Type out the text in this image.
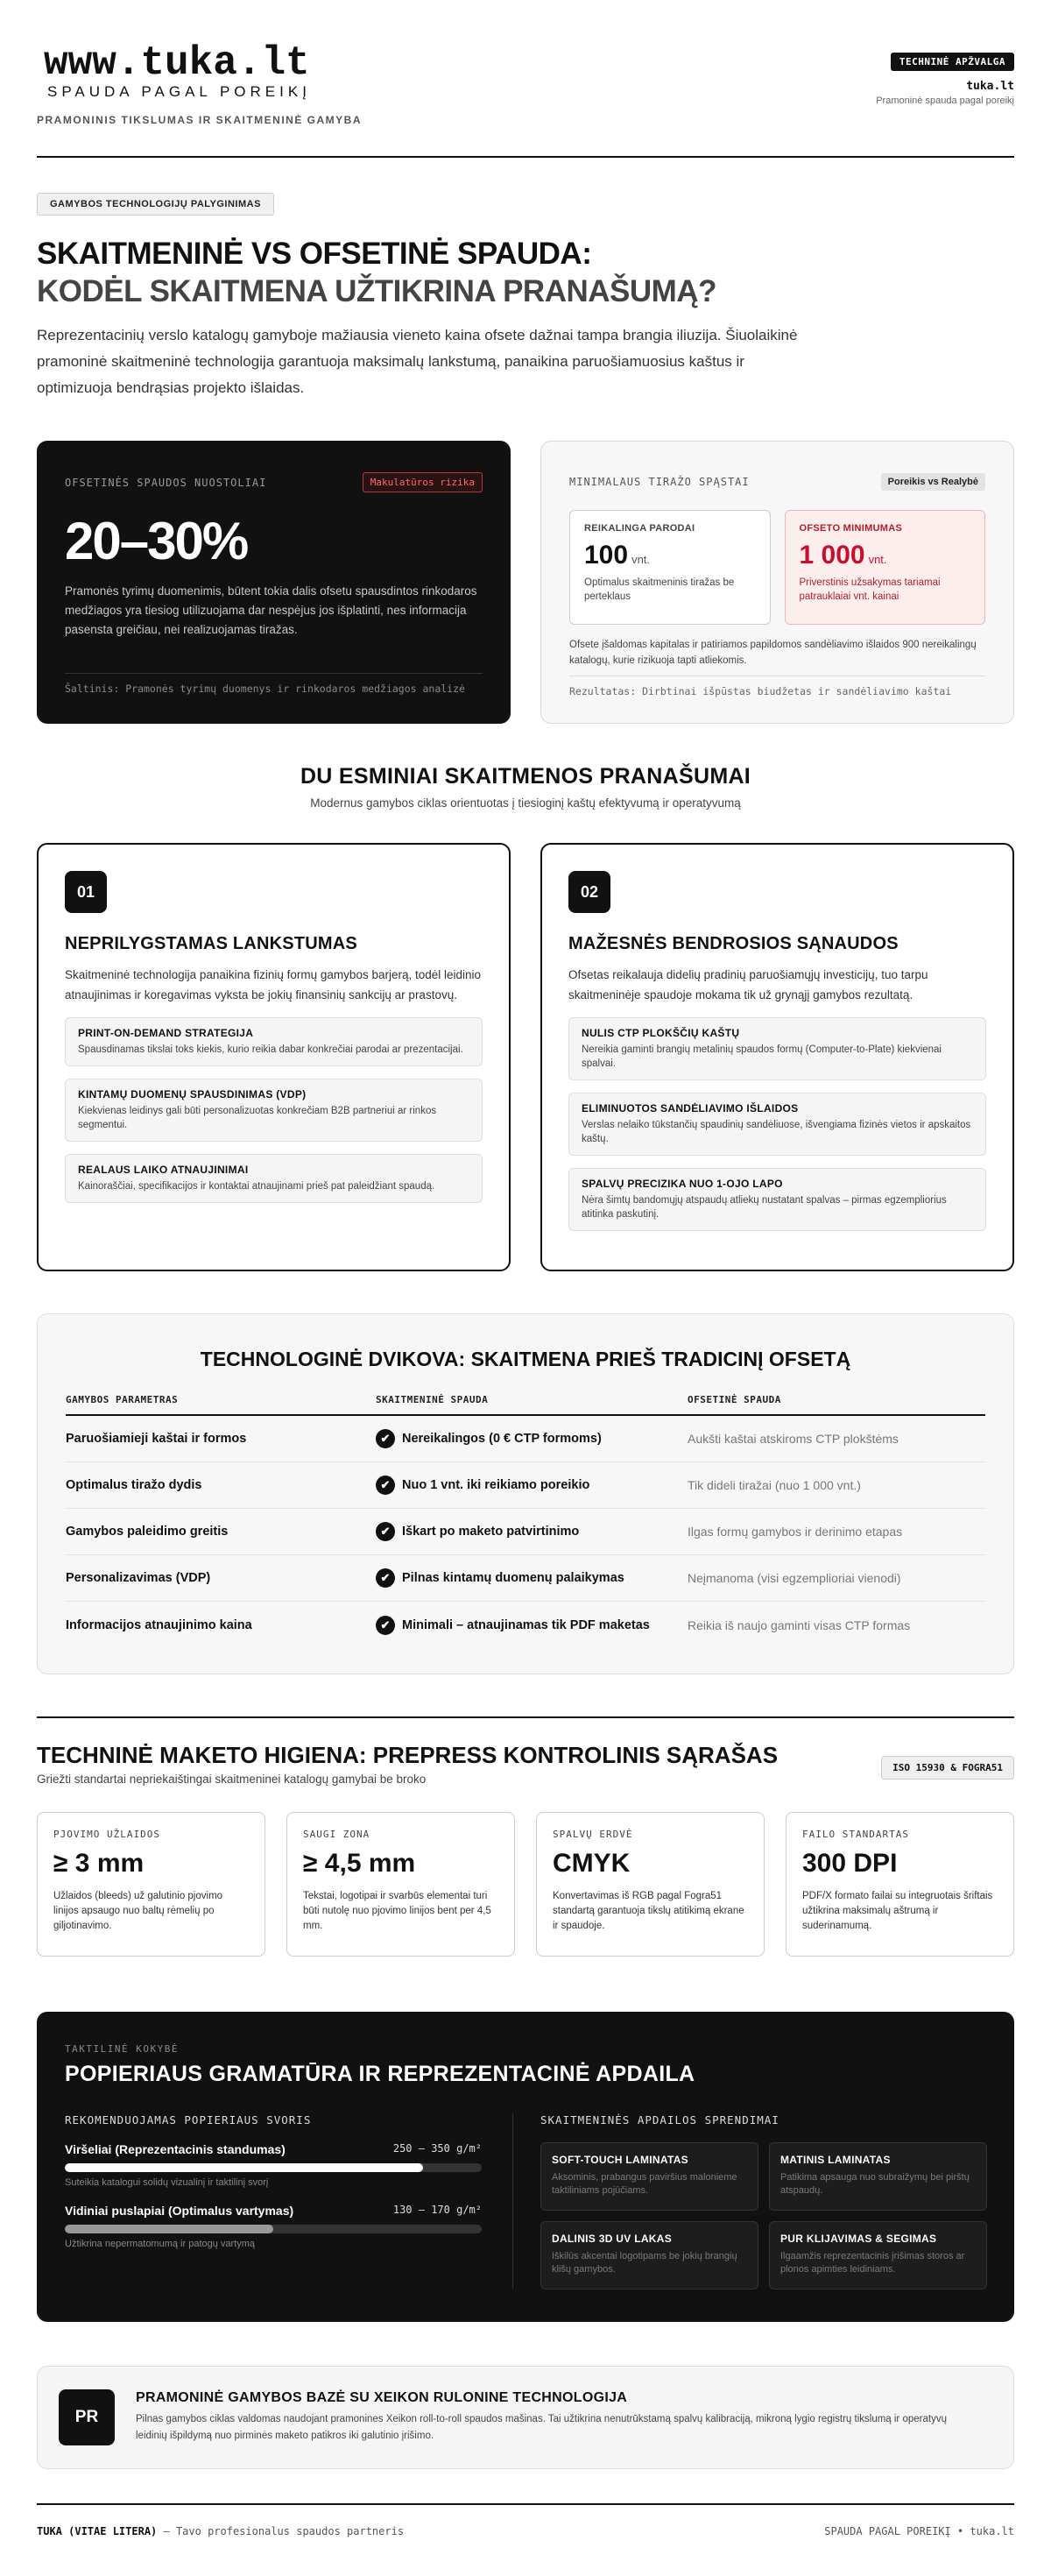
www.tuka.lt
SPAUDA PAGAL POREIKĮ
PRAMONINIS TIKSLUMAS IR SKAITMENINĖ GAMYBA
TECHNINĖ APŽVALGA
tuka.lt
Pramoninė spauda pagal poreikį
GAMYBOS TECHNOLOGIJŲ PALYGINIMAS
SKAITMENINĖ VS OFSETINĖ SPAUDA:
KODĖL SKAITMENA UŽTIKRINA PRANAŠUMĄ?

Reprezentacinių verslo katalogų gamyboje mažiausia vieneto kaina ofsete dažnai tampa brangia iliuzija. Šiuolaikinė pramoninė skaitmeninė technologija garantuoja maksimalų lankstumą, panaikina paruošiamuosius kaštus ir optimizuoja bendrąsias projekto išlaidas.

OFSETINĖS SPAUDOS NUOSTOLIAI	Makulatūros rizika
20–30%

Pramonės tyrimų duomenimis, būtent tokia dalis ofsetu spausdintos rinkodaros medžiagos yra tiesiog utilizuojama dar nespėjus jos išplatinti, nes informacija pasensta greičiau, nei realizuojamas tiražas.

Šaltinis: Pramonės tyrimų duomenys ir rinkodaros medžiagos analizė
MINIMALAUS TIRAŽO SPĄSTAI	Poreikis vs Realybė
REIKALINGA PARODAI
100 vnt.
Optimalus skaitmeninis tiražas be perteklaus
OFSETO MINIMUMAS
1 000 vnt.
Priverstinis užsakymas tariamai patrauklaiai vnt. kainai
Ofsete įšaldomas kapitalas ir patiriamos papildomos sandėliavimo išlaidos 900 nereikalingų katalogų, kurie rizikuoja tapti atliekomis.
Rezultatas: Dirbtinai išpūstas biudžetas ir sandėliavimo kaštai
DU ESMINIAI SKAITMENOS PRANAŠUMAI

Modernus gamybos ciklas orientuotas į tiesioginį kaštų efektyvumą ir operatyvumą

01
NEPRILYGSTAMAS LANKSTUMAS

Skaitmeninė technologija panaikina fizinių formų gamybos barjerą, todėl leidinio atnaujinimas ir koregavimas vyksta be jokių finansinių sankcijų ar prastovų.

PRINT-ON-DEMAND STRATEGIJA
Spausdinamas tikslai toks kiekis, kurio reikia dabar konkrečiai parodai ar prezentacijai.
KINTAMŲ DUOMENŲ SPAUSDINIMAS (VDP)
Kiekvienas leidinys gali būti personalizuotas konkrečiam B2B partneriui ar rinkos segmentui.
REALAUS LAIKO ATNAUJINIMAI
Kainoraščiai, specifikacijos ir kontaktai atnaujinami prieš pat paleidžiant spaudą.
02
MAŽESNĖS BENDROSIOS SĄNAUDOS

Ofsetas reikalauja didelių pradinių paruošiamųjų investicijų, tuo tarpu skaitmeninėje spaudoje mokama tik už grynąjį gamybos rezultatą.

NULIS CTP PLOKŠČIŲ KAŠTŲ
Nereikia gaminti brangių metalinių spaudos formų (Computer-to-Plate) kiekvienai spalvai.
ELIMINUOTOS SANDĖLIAVIMO IŠLAIDOS
Verslas nelaiko tūkstančių spaudinių sandėliuose, išvengiama fizinės vietos ir apskaitos kaštų.
SPALVŲ PRECIZIKA NUO 1-OJO LAPO
Nėra šimtų bandomųjų atspaudų atliekų nustatant spalvas – pirmas egzempliorius atitinka paskutinį.
TECHNOLOGINĖ DVIKOVA: SKAITMENA PRIEŠ TRADICINĮ OFSETĄ
GAMYBOS PARAMETRAS	SKAITMENINĖ SPAUDA	OFSETINĖ SPAUDA
Paruošiamieji kaštai ir formos	✔ Nereikalingos (0 € CTP formoms)	Aukšti kaštai atskiroms CTP plokštėms
Optimalus tiražo dydis	✔ Nuo 1 vnt. iki reikiamo poreikio	Tik dideli tiražai (nuo 1 000 vnt.)
Gamybos paleidimo greitis	✔ Iškart po maketo patvirtinimo	Ilgas formų gamybos ir derinimo etapas
Personalizavimas (VDP)	✔ Pilnas kintamų duomenų palaikymas	Neįmanoma (visi egzemplioriai vienodi)
Informacijos atnaujinimo kaina	✔ Minimali – atnaujinamas tik PDF maketas	Reikia iš naujo gaminti visas CTP formas
TECHNINĖ MAKETO HIGIENA: PREPRESS KONTROLINIS SĄRAŠAS

Griežti standartai nepriekaištingai skaitmeninei katalogų gamybai be broko

ISO 15930 & FOGRA51
PJOVIMO UŽLAIDOS
≥ 3 mm
Užlaidos (bleeds) už galutinio pjovimo linijos apsaugo nuo baltų rėmelių po giljotinavimo.
SAUGI ZONA
≥ 4,5 mm
Tekstai, logotipai ir svarbūs elementai turi būti nutolę nuo pjovimo linijos bent per 4,5 mm.
SPALVŲ ERDVĖ
CMYK
Konvertavimas iš RGB pagal Fogra51 standartą garantuoja tikslų atitikimą ekrane ir spaudoje.
FAILO STANDARTAS
300 DPI
PDF/X formato failai su integruotais šriftais užtikrina maksimalų aštrumą ir suderinamumą.
TAKTILINĖ KOKYBĖ
POPIERIAUS GRAMATŪRA IR REPREZENTACINĖ APDAILA
REKOMENDUOJAMAS POPIERIAUS SVORIS
Viršeliai (Reprezentacinis standumas)	250 – 350 g/m²
Suteikia katalogui solidų vizualinį ir taktilinį svorį
Vidiniai puslapiai (Optimalus vartymas)	130 – 170 g/m²
Užtikrina nepermatomumą ir patogų vartymą
SKAITMENINĖS APDAILOS SPRENDIMAI
SOFT-TOUCH LAMINATAS
Aksominis, prabangus paviršius malonieme taktiliniams pojūčiams.
MATINIS LAMINATAS
Patikima apsauga nuo subraižymų bei pirštų atspaudų.
DALINIS 3D UV LAKAS
Iškilūs akcentai logotipams be jokių brangių klišų gamybos.
PUR KLIJAVIMAS & SEGIMAS
Ilgaamžis reprezentacinis įrišimas storos ar plonos apimties leidiniams.
PR
PRAMONINĖ GAMYBOS BAZĖ SU XEIKON RULONINE TECHNOLOGIJA

Pilnas gamybos ciklas valdomas naudojant pramonines Xeikon roll-to-roll spaudos mašinas. Tai užtikrina nenutrūkstamą spalvų kalibraciją, mikroną lygio registrų tikslumą ir operatyvų leidinių išpildymą nuo pirminės maketo patikros iki galutinio įrišimo.

TUKA (VITAE LITERA) — Tavo profesionalus spaudos partneris	SPAUDA PAGAL POREIKĮ • tuka.lt
